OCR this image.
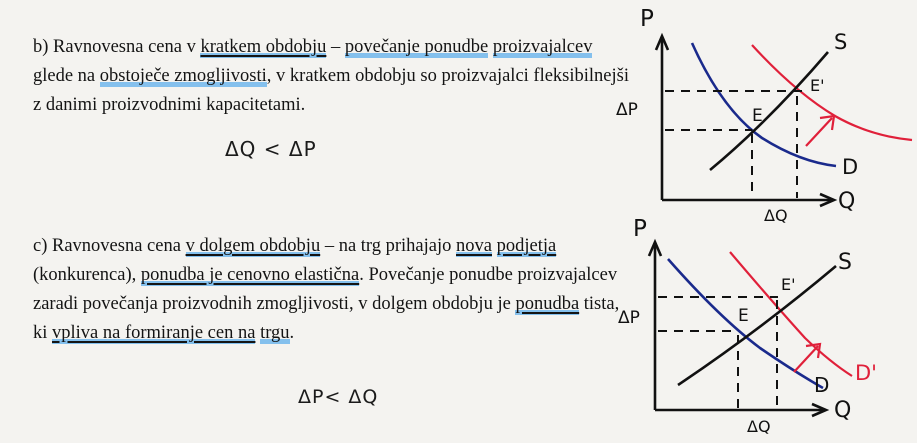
b) Ravnovesna cena v kratkem obdobju – povečanje ponudbe proizvajalcev glede na obstoječe zmogljivosti, v kratkem obdobju so proizvajalci fleksibilnejši z danimi proizvodnimi kapacitetami.

ΔQ < ΔP

c) Ravnovesna cena v dolgem obdobju – na trg prihajajo nova podjetja (konkurenca), ponudba je cenovno elastična. Povečanje ponudbe proizvajalcev zaradi povečanja proizvodnih zmogljivosti, v dolgem obdobju je ponudba tista, ki vpliva na formiranje cen na trgu.

ΔP< ΔQ
P
ΔP
S
E'
E
D
Q
ΔQ
P
ΔP
S
E'
E
D D'
Q
ΔQ
